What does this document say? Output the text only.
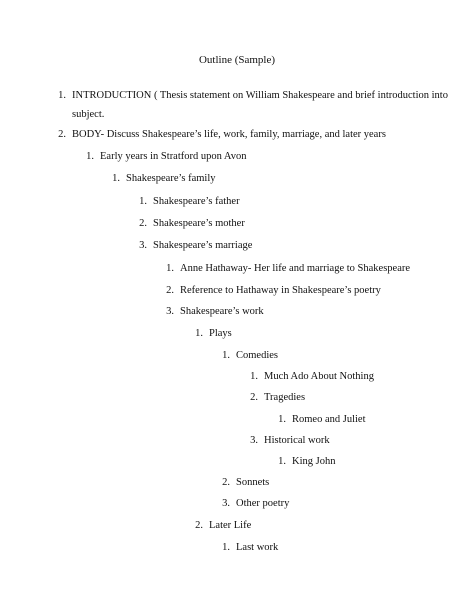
Outline (Sample)
1. INTRODUCTION ( Thesis statement on William Shakespeare and brief introduction into
subject.
2. BODY- Discuss Shakespeare’s life, work, family, marriage, and later years
1. Early years in Stratford upon Avon
1. Shakespeare’s family
1. Shakespeare’s father
2. Shakespeare’s mother
3. Shakespeare’s marriage
1. Anne Hathaway- Her life and marriage to Shakespeare
2. Reference to Hathaway in Shakespeare’s poetry
3. Shakespeare’s work
1. Plays
1. Comedies
1. Much Ado About Nothing
2. Tragedies
1. Romeo and Juliet
3. Historical work
1. King John
2. Sonnets
3. Other poetry
2. Later Life
1. Last work
